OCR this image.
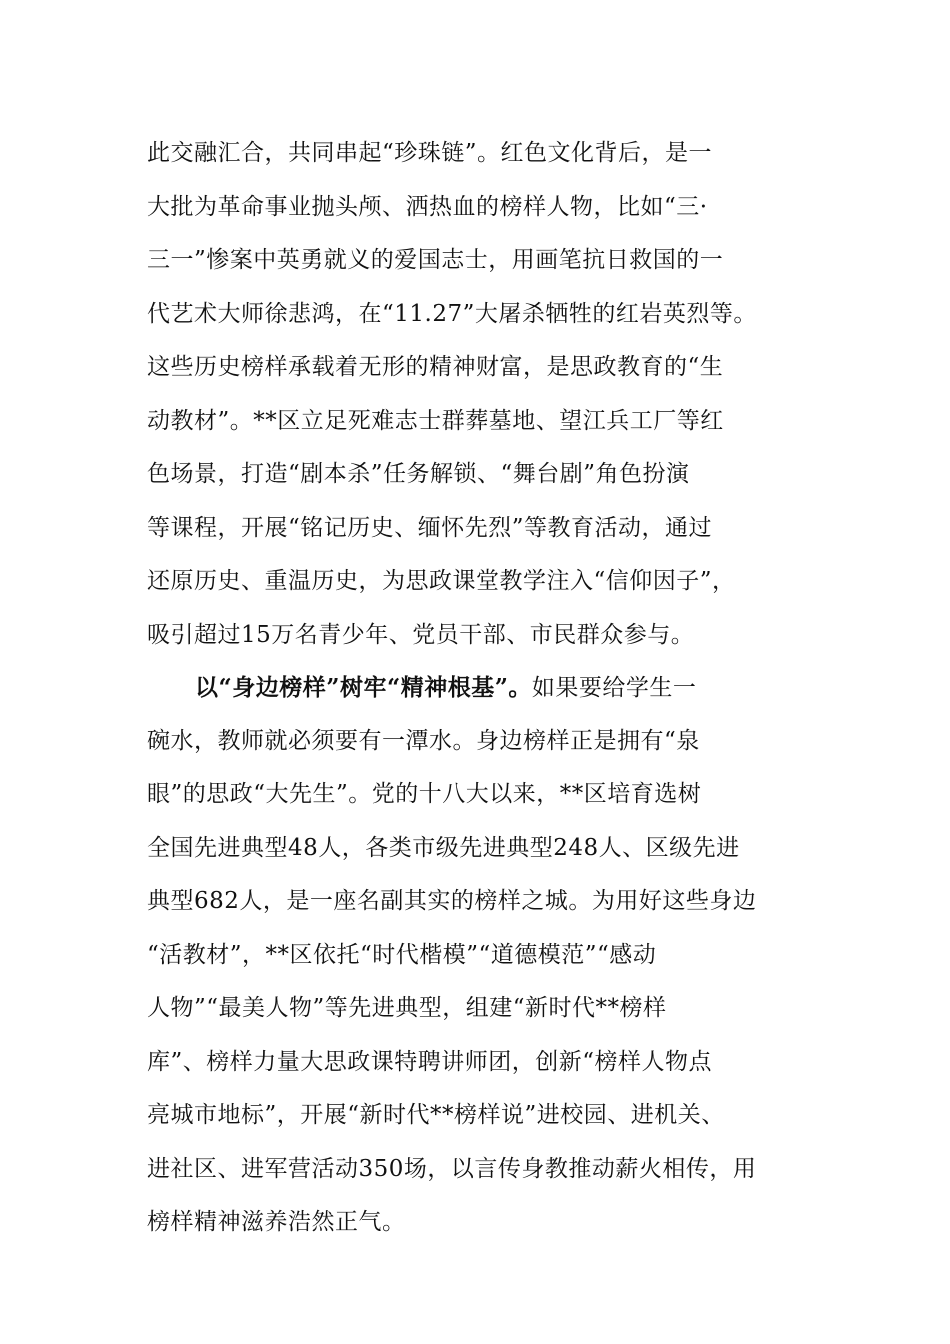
此交融汇合，共同串起“珍珠链”。红色文化背后，是一
大批为革命事业抛头颅、洒热血的榜样人物，比如“三·
三一”惨案中英勇就义的爱国志士，用画笔抗日救国的一
代艺术大师徐悲鸿，在“11.27”大屠杀牺牲的红岩英烈等。
这些历史榜样承载着无形的精神财富，是思政教育的“生
动教材”。**区立足死难志士群葬墓地、望江兵工厂等红
色场景，打造“剧本杀”任务解锁、“舞台剧”角色扮演
等课程，开展“铭记历史、缅怀先烈”等教育活动，通过
还原历史、重温历史，为思政课堂教学注入“信仰因子”，
吸引超过15万名青少年、党员干部、市民群众参与。
以“身边榜样”树牢“精神根基”。如果要给学生一
碗水，教师就必须要有一潭水。身边榜样正是拥有“泉
眼”的思政“大先生”。党的十八大以来，**区培育选树
全国先进典型48人，各类市级先进典型248人、区级先进
典型682人，是一座名副其实的榜样之城。为用好这些身边
“活教材”，**区依托“时代楷模”“道德模范”“感动
人物”“最美人物”等先进典型，组建“新时代**榜样
库”、榜样力量大思政课特聘讲师团，创新“榜样人物点
亮城市地标”，开展“新时代**榜样说”进校园、进机关、
进社区、进军营活动350场，以言传身教推动薪火相传，用
榜样精神滋养浩然正气。
